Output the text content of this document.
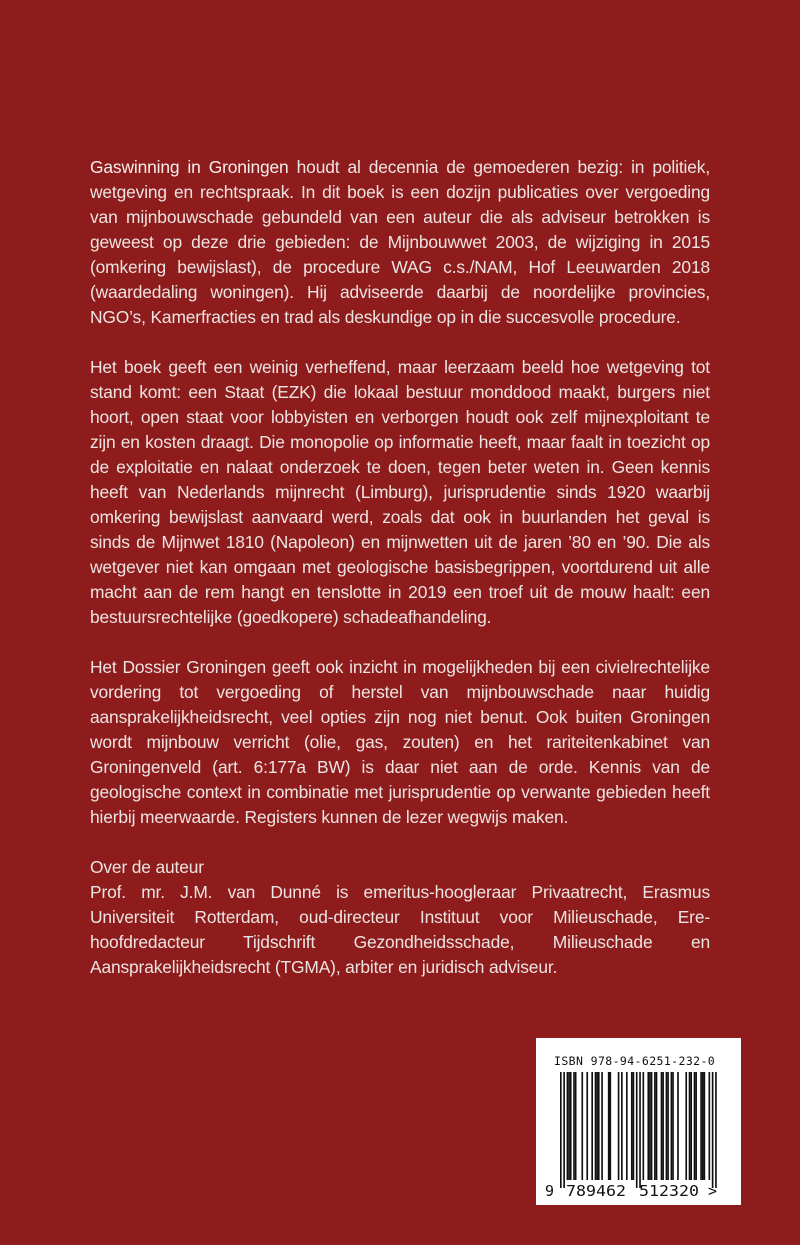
Gaswinning in Groningen houdt al decennia de gemoederen bezig: in politiek, wetgeving en rechtspraak. In dit boek is een dozijn publicaties over vergoeding van mijnbouwschade gebundeld van een auteur die als adviseur betrokken is geweest op deze drie gebieden: de Mijnbouwwet 2003, de wijziging in 2015 (omkering bewijslast), de procedure WAG c.s./NAM, Hof Leeuwarden 2018 (waardedaling woningen). Hij adviseerde daarbij de noordelijke provincies, NGO’s, Kamerfracties en trad als deskundige op in die succesvolle procedure.

Het boek geeft een weinig verheffend, maar leerzaam beeld hoe wetgeving tot stand komt: een Staat (EZK) die lokaal bestuur monddood maakt, burgers niet hoort, open staat voor lobbyisten en verborgen houdt ook zelf mijnexploitant te zijn en kosten draagt. Die monopolie op informatie heeft, maar faalt in toezicht op de exploitatie en nalaat onderzoek te doen, tegen beter weten in. Geen kennis heeft van Nederlands mijnrecht (Limburg), jurisprudentie sinds 1920 waarbij omkering bewijslast aanvaard werd, zoals dat ook in buurlanden het geval is sinds de Mijnwet 1810 (Napoleon) en mijnwetten uit de jaren ’80 en ’90. Die als wetgever niet kan omgaan met geologische basisbegrippen, voortdurend uit alle macht aan de rem hangt en tenslotte in 2019 een troef uit de mouw haalt: een bestuursrechtelijke (goedkopere) schadeafhandeling.

Het Dossier Groningen geeft ook inzicht in mogelijkheden bij een civielrechtelijke vordering tot vergoeding of herstel van mijnbouwschade naar huidig aansprakelijkheidsrecht, veel opties zijn nog niet benut. Ook buiten Groningen wordt mijnbouw verricht (olie, gas, zouten) en het rariteitenkabinet van Groningenveld (art. 6:177a BW) is daar niet aan de orde. Kennis van de geologische context in combinatie met jurisprudentie op verwante gebieden heeft hierbij meerwaarde. Registers kunnen de lezer wegwijs maken.

Over de auteur

Prof. mr. J.M. van Dunné is emeritus-hoogleraar Privaatrecht, Erasmus Universiteit Rotterdam, oud-directeur Instituut voor Milieuschade, Ere-hoofdredacteur Tijdschrift Gezondheidsschade, Milieuschade en Aansprakelijkheidsrecht (TGMA), arbiter en juridisch adviseur.

ISBN 978-94-6251-232-0
9 789462 512320 >
